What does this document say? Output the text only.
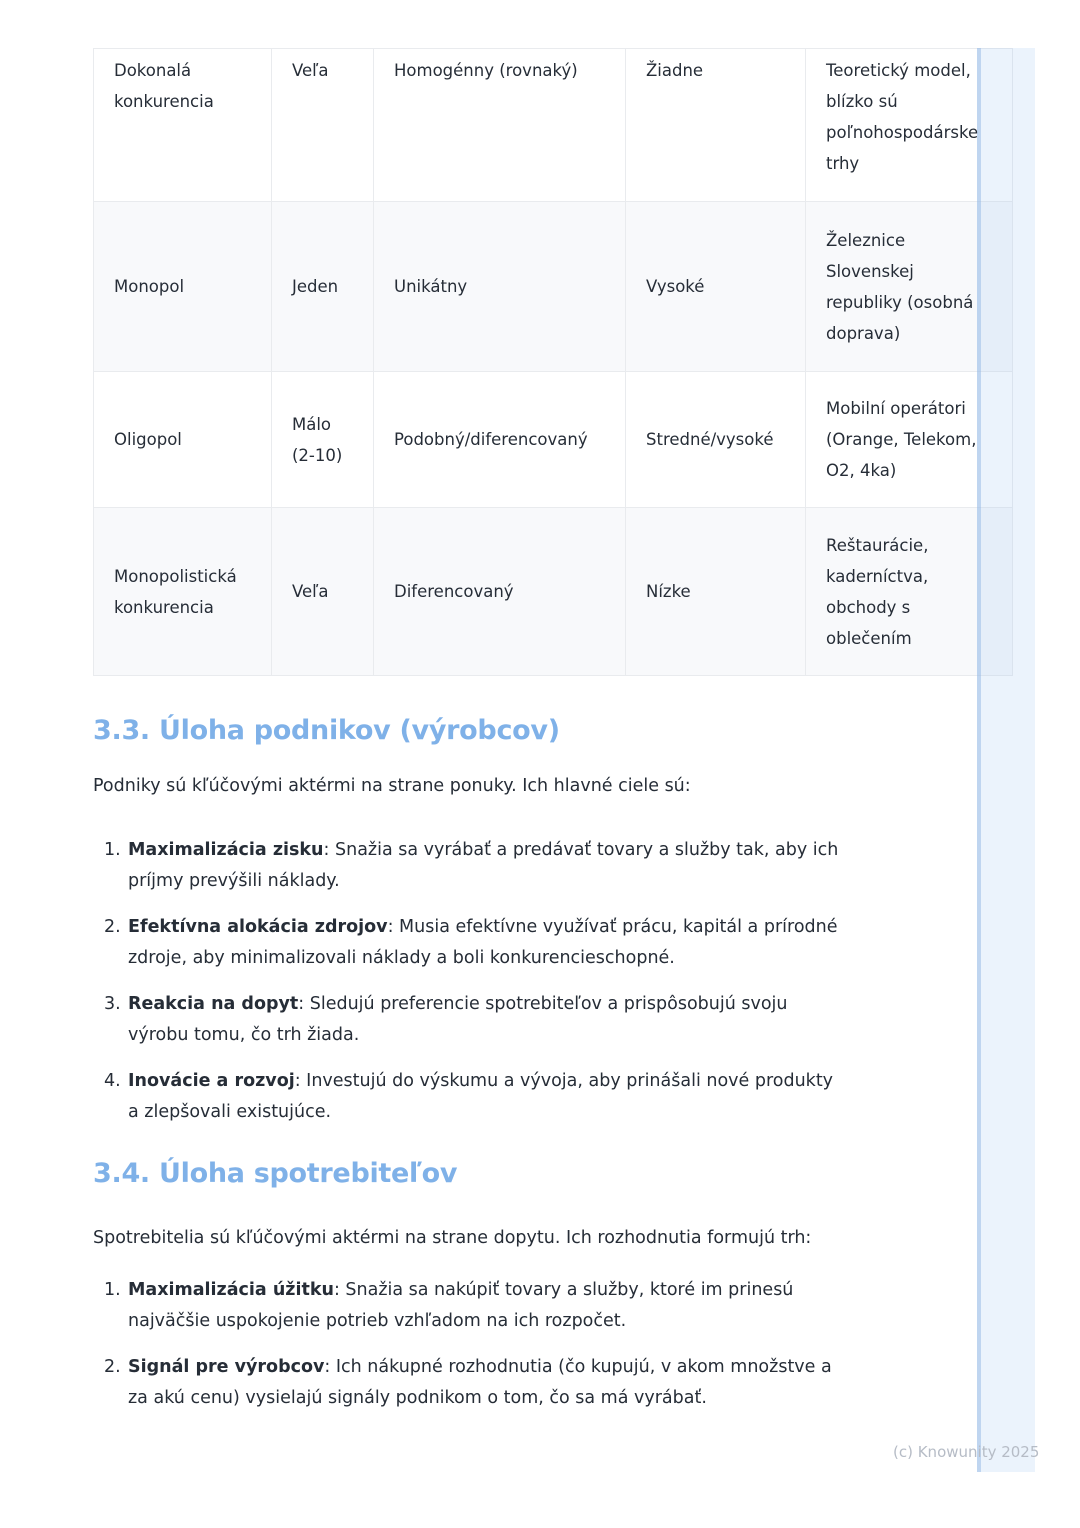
Dokonalá konkurencia	Veľa	Homogénny (rovnaký)	Žiadne	Teoretický model, blízko sú poľnohospodárske trhy
Monopol	Jeden	Unikátny	Vysoké	Železnice Slovenskej republiky (osobná doprava)
Oligopol	Málo (2-10)	Podobný/diferencovaný	Stredné/vysoké	Mobilní operátori (Orange, Telekom, O2, 4ka)
Monopolistická konkurencia	Veľa	Diferencovaný	Nízke	Reštaurácie, kaderníctva, obchody s oblečením
3.3. Úloha podnikov (výrobcov)

Podniky sú kľúčovými aktérmi na strane ponuky. Ich hlavné ciele sú:

1. Maximalizácia zisku: Snažia sa vyrábať a predávať tovary a služby tak, aby ich príjmy prevýšili náklady.
2. Efektívna alokácia zdrojov: Musia efektívne využívať prácu, kapitál a prírodné zdroje, aby minimalizovali náklady a boli konkurencieschopné.
3. Reakcia na dopyt: Sledujú preferencie spotrebiteľov a prispôsobujú svoju výrobu tomu, čo trh žiada.
4. Inovácie a rozvoj: Investujú do výskumu a vývoja, aby prinášali nové produkty a zlepšovali existujúce.
3.4. Úloha spotrebiteľov

Spotrebitelia sú kľúčovými aktérmi na strane dopytu. Ich rozhodnutia formujú trh:

1. Maximalizácia úžitku: Snažia sa nakúpiť tovary a služby, ktoré im prinesú najväčšie uspokojenie potrieb vzhľadom na ich rozpočet.
2. Signál pre výrobcov: Ich nákupné rozhodnutia (čo kupujú, v akom množstve a za akú cenu) vysielajú signály podnikom o tom, čo sa má vyrábať.
(c) Knowunity 2025
